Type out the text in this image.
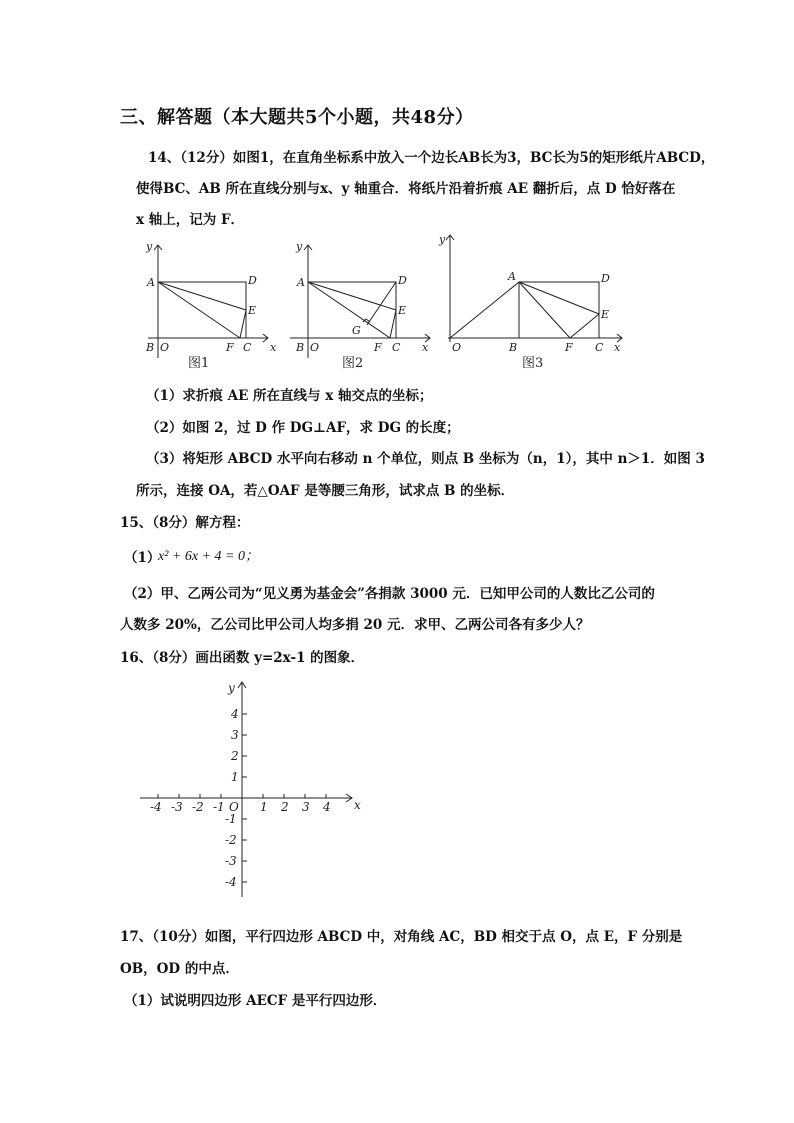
三、解答题（本大题共5个小题，共48分）
14、（12分）如图1，在直角坐标系中放入一个边长AB长为3，BC长为5的矩形纸片ABCD，
使得BC、AB 所在直线分别与x、y 轴重合．将纸片沿着折痕 AE 翻折后，点 D 恰好落在
x 轴上，记为 F．
y
x
A	D
E
B O	F C
y
x
A	D
E
G
B O	F C
y
x
A	D
E
O	B	F C
图1	图2	图3
（1）求折痕 AE 所在直线与 x 轴交点的坐标；
（2）如图 2，过 D 作 DG⊥AF，求 DG 的长度；
（3）将矩形 ABCD 水平向右移动 n 个单位，则点 B 坐标为（n，1），其中 n＞1．如图 3
所示，连接 OA，若△OAF 是等腰三角形，试求点 B 的坐标．
15、（8分）解方程：
（1）
x² + 6x + 4 = 0；
（2）甲、乙两公司为“见义勇为基金会”各捐款 3000 元．已知甲公司的人数比乙公司的
人数多 20%，乙公司比甲公司人均多捐 20 元．求甲、乙两公司各有多少人？
16、（8分）画出函数 y=2x-1 的图象．
x
y
O
-4 -3 -2 -1	1 2 3 4
4
3
2
1
-1
-2
-3
-4
17、（10分）如图，平行四边形 ABCD 中，对角线 AC，BD 相交于点 O，点 E，F 分别是
OB，OD 的中点．
（1）试说明四边形 AECF 是平行四边形．
